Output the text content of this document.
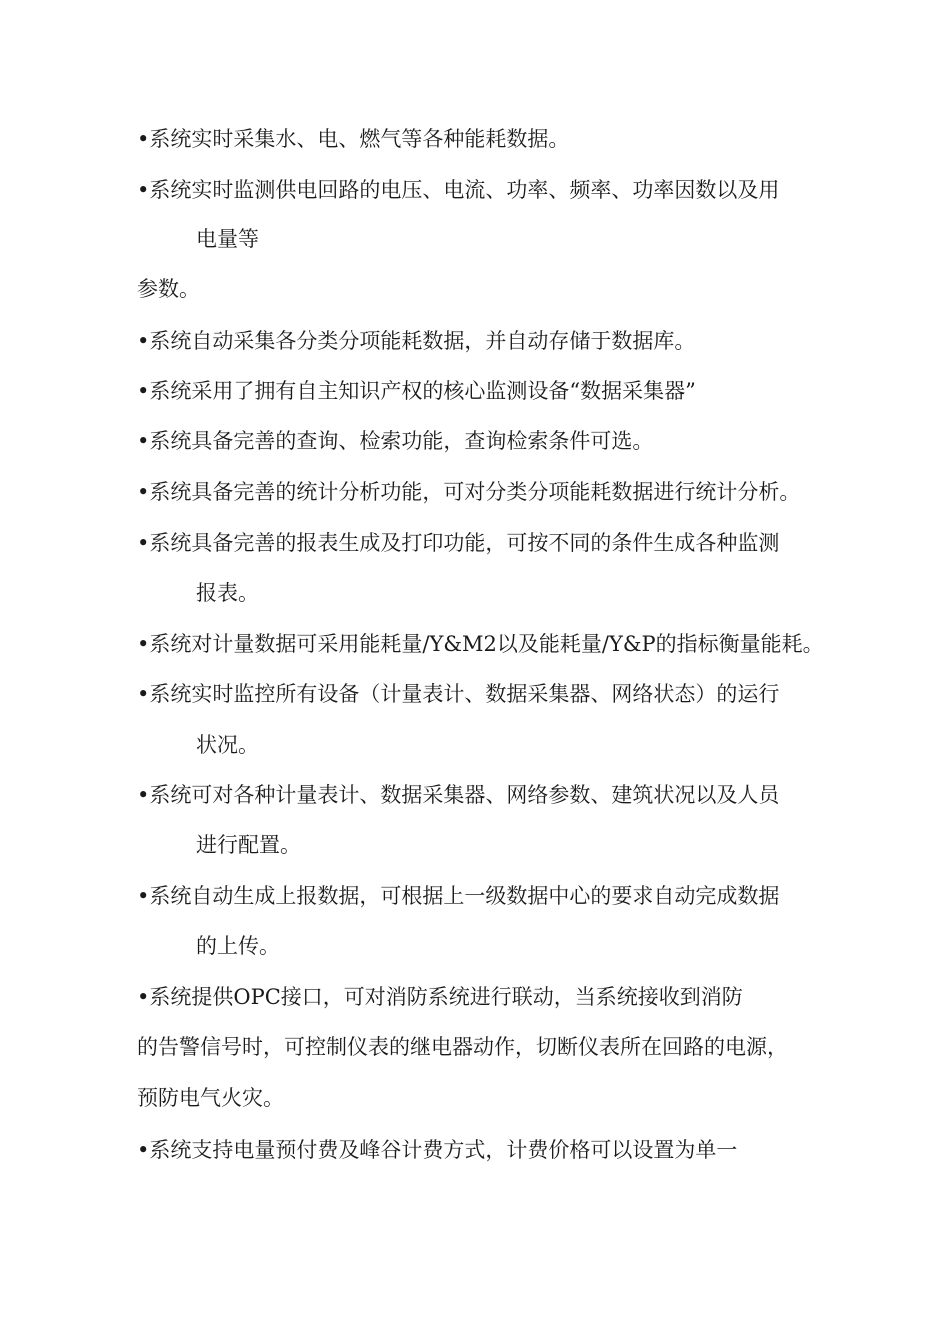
•系统实时采集水、电、燃气等各种能耗数据。
•系统实时监测供电回路的电压、电流、功率、频率、功率因数以及用
电量等
参数。
•系统自动采集各分类分项能耗数据，并自动存储于数据库。
•系统采用了拥有自主知识产权的核心监测设备“数据采集器”
•系统具备完善的查询、检索功能，查询检索条件可选。
•系统具备完善的统计分析功能，可对分类分项能耗数据进行统计分析。
•系统具备完善的报表生成及打印功能，可按不同的条件生成各种监测
报表。
•系统对计量数据可采用能耗量/Y&M2以及能耗量/Y&P的指标衡量能耗。
•系统实时监控所有设备（计量表计、数据采集器、网络状态）的运行
状况。
•系统可对各种计量表计、数据采集器、网络参数、建筑状况以及人员
进行配置。
•系统自动生成上报数据，可根据上一级数据中心的要求自动完成数据
的上传。
•系统提供OPC接口，可对消防系统进行联动，当系统接收到消防
的告警信号时，可控制仪表的继电器动作，切断仪表所在回路的电源，
预防电气火灾。
•系统支持电量预付费及峰谷计费方式，计费价格可以设置为单一
